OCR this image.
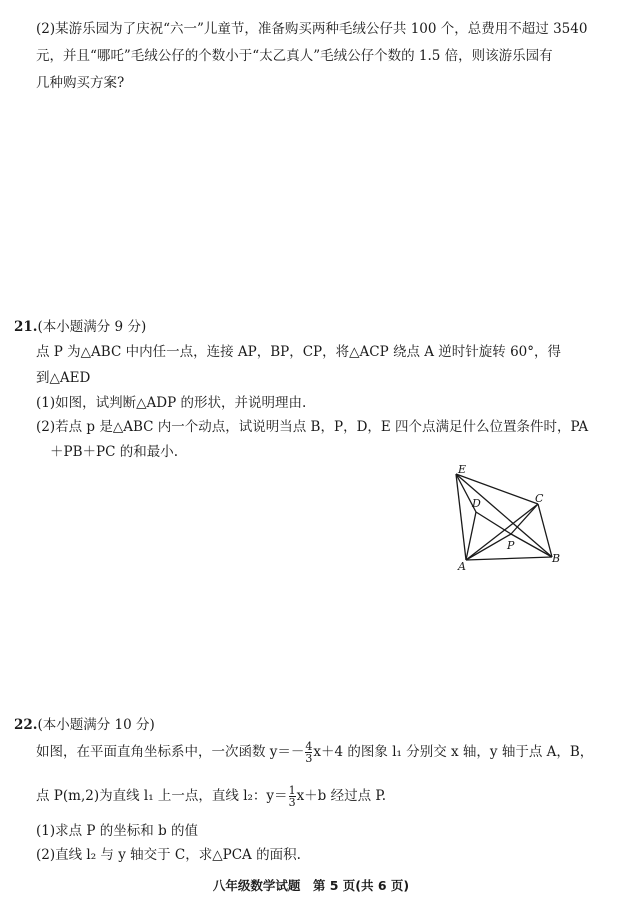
(2)某游乐园为了庆祝“六一”儿童节，准备购买两种毛绒公仔共 100 个，总费用不超过 3540
元，并且“哪吒”毛绒公仔的个数小于“太乙真人”毛绒公仔个数的 1.5 倍，则该游乐园有
几种购买方案?
21.(本小题满分 9 分)
点 P 为△ABC 中内任一点，连接 AP，BP，CP，将△ACP 绕点 A 逆时针旋转 60°，得
到△AED
(1)如图，试判断△ADP 的形状，并说明理由.
(2)若点 p 是△ABC 内一个动点，试说明当点 B，P，D，E 四个点满足什么位置条件时，PA
＋PB＋PC 的和最小.
E
D	C
P
A
B
22.(本小题满分 10 分)
如图，在平面直角坐标系中，一次函数 $y=- \frac{4}{3} x+4$ 的图象 l₁ 分别交 x 轴，y 轴于点 A，B，
点 P(m,2)为直线 l₁ 上一点，直线 l₂：$y= \frac{1}{3} x+b$ 经过点 P.
(1)求点 P 的坐标和 b 的值
(2)直线 l₂ 与 y 轴交于 C，求△PCA 的面积.
八年级数学试题　第 5 页(共 6 页)
